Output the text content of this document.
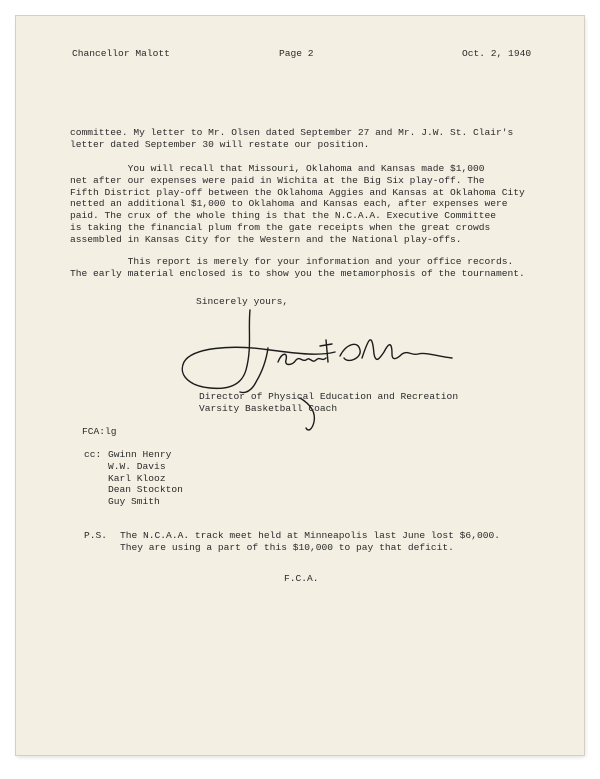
Chancellor Malott	Page 2	Oct. 2, 1940
committee. My letter to Mr. Olsen dated September 27 and Mr. J.W. St. Clair's
letter dated September 30 will restate our position.
You will recall that Missouri, Oklahoma and Kansas made $1,000
net after our expenses were paid in Wichita at the Big Six play-off. The
Fifth District play-off between the Oklahoma Aggies and Kansas at Oklahoma City
netted an additional $1,000 to Oklahoma and Kansas each, after expenses were
paid. The crux of the whole thing is that the N.C.A.A. Executive Committee
is taking the financial plum from the gate receipts when the great crowds
assembled in Kansas City for the Western and the National play-offs.
This report is merely for your information and your office records.
The early material enclosed is to show you the metamorphosis of the tournament.
Sincerely yours,
Director of Physical Education and Recreation
Varsity Basketball Coach
FCA:lg
cc: Gwinn Henry
W.W. Davis
Karl Klooz
Dean Stockton
Guy Smith
P.S. The N.C.A.A. track meet held at Minneapolis last June lost $6,000.
They are using a part of this $10,000 to pay that deficit.
F.C.A.
